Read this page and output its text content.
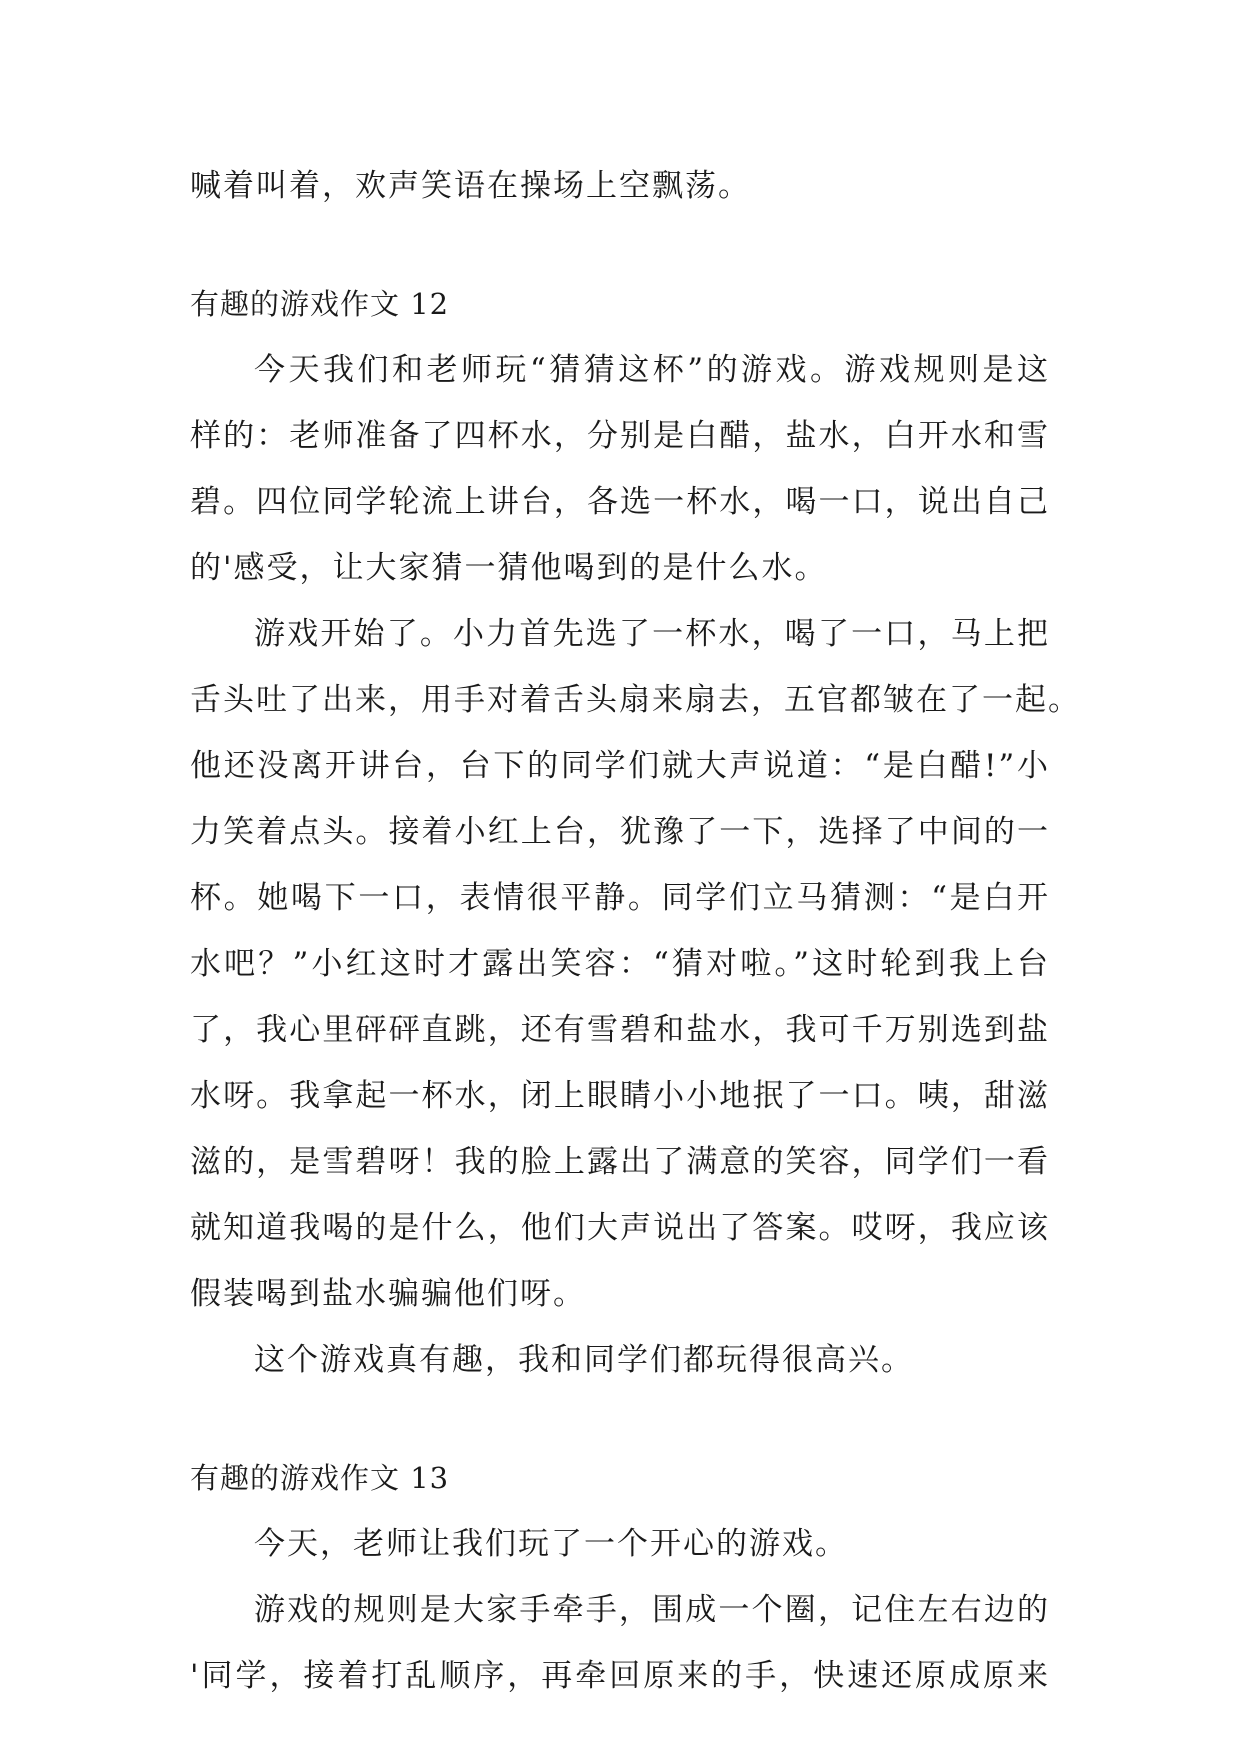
喊着叫着，欢声笑语在操场上空飘荡。
有趣的游戏作文 12
今天我们和老师玩“猜猜这杯”的游戏。游戏规则是这
样的：老师准备了四杯水，分别是白醋，盐水，白开水和雪
碧。四位同学轮流上讲台，各选一杯水，喝一口，说出自己
的'感受，让大家猜一猜他喝到的是什么水。
游戏开始了。小力首先选了一杯水，喝了一口，马上把
舌头吐了出来，用手对着舌头扇来扇去，五官都皱在了一起。
他还没离开讲台，台下的同学们就大声说道：“是白醋!”小
力笑着点头。接着小红上台，犹豫了一下，选择了中间的一
杯。她喝下一口，表情很平静。同学们立马猜测：“是白开
水吧？”小红这时才露出笑容：“猜对啦。”这时轮到我上台
了，我心里砰砰直跳，还有雪碧和盐水，我可千万别选到盐
水呀。我拿起一杯水，闭上眼睛小小地抿了一口。咦，甜滋
滋的，是雪碧呀！我的脸上露出了满意的笑容，同学们一看
就知道我喝的是什么，他们大声说出了答案。哎呀，我应该
假装喝到盐水骗骗他们呀。
这个游戏真有趣，我和同学们都玩得很高兴。
有趣的游戏作文 13
今天，老师让我们玩了一个开心的游戏。
游戏的规则是大家手牵手，围成一个圈，记住左右边的
'同学，接着打乱顺序，再牵回原来的手，快速还原成原来
